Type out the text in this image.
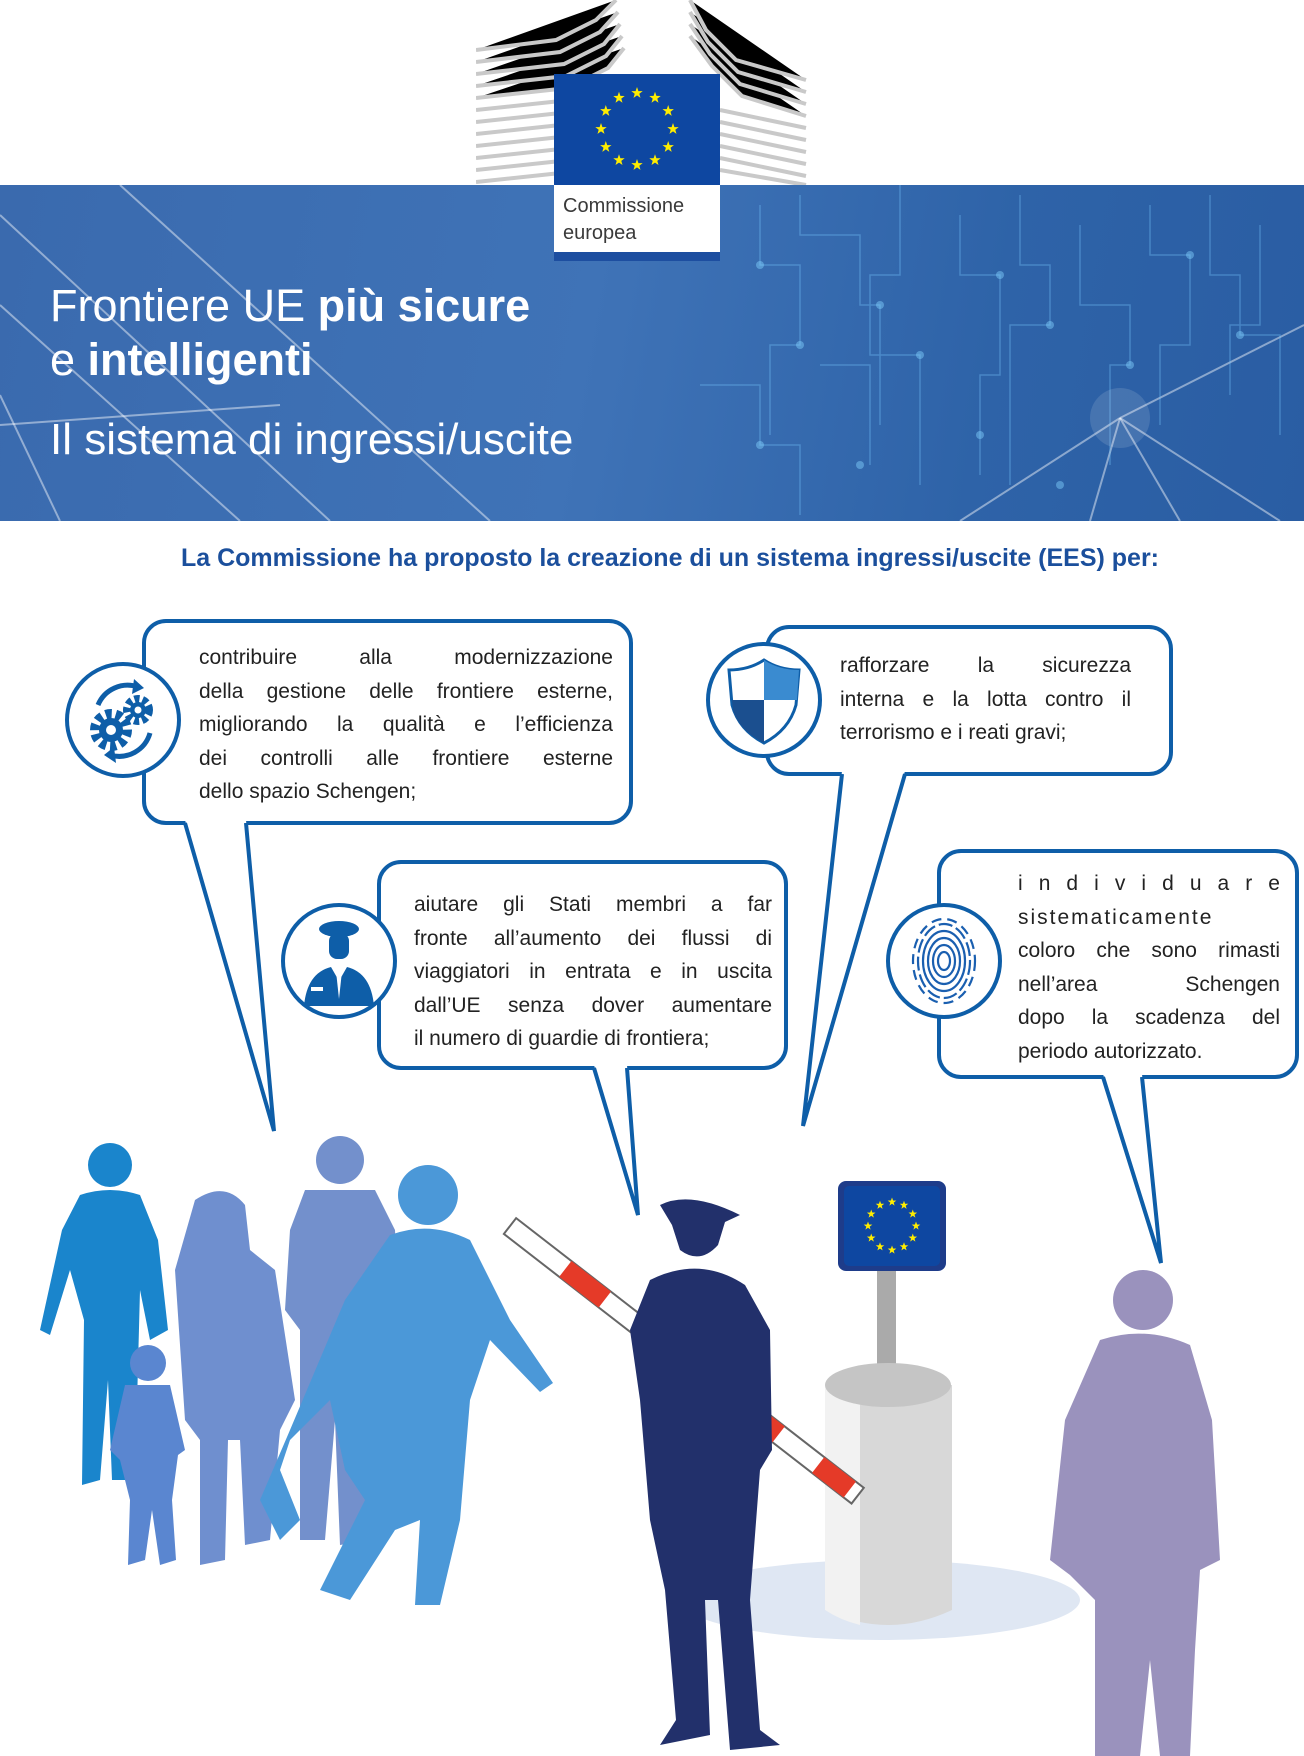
Commissione
europea
Frontiere UE più sicure
e intelligenti
Il sistema di ingressi/uscite
La Commissione ha proposto la creazione di un sistema ingressi/uscite (EES) per:
contribuire alla modernizzazione
della gestione delle frontiere esterne,
migliorando la qualità e l’efficienza
dei controlli alle frontiere esterne
dello spazio Schengen;
rafforzare la sicurezza
interna e la lotta contro il
terrorismo e i reati gravi;
aiutare gli Stati membri a far
fronte all’aumento dei flussi di
viaggiatori in entrata e in uscita
dall’UE senza dover aumentare
il numero di guardie di frontiera;
i n d i v i d u a r e
sistematicamente
coloro che sono rimasti
nell’area Schengen
dopo la scadenza del
periodo autorizzato.
